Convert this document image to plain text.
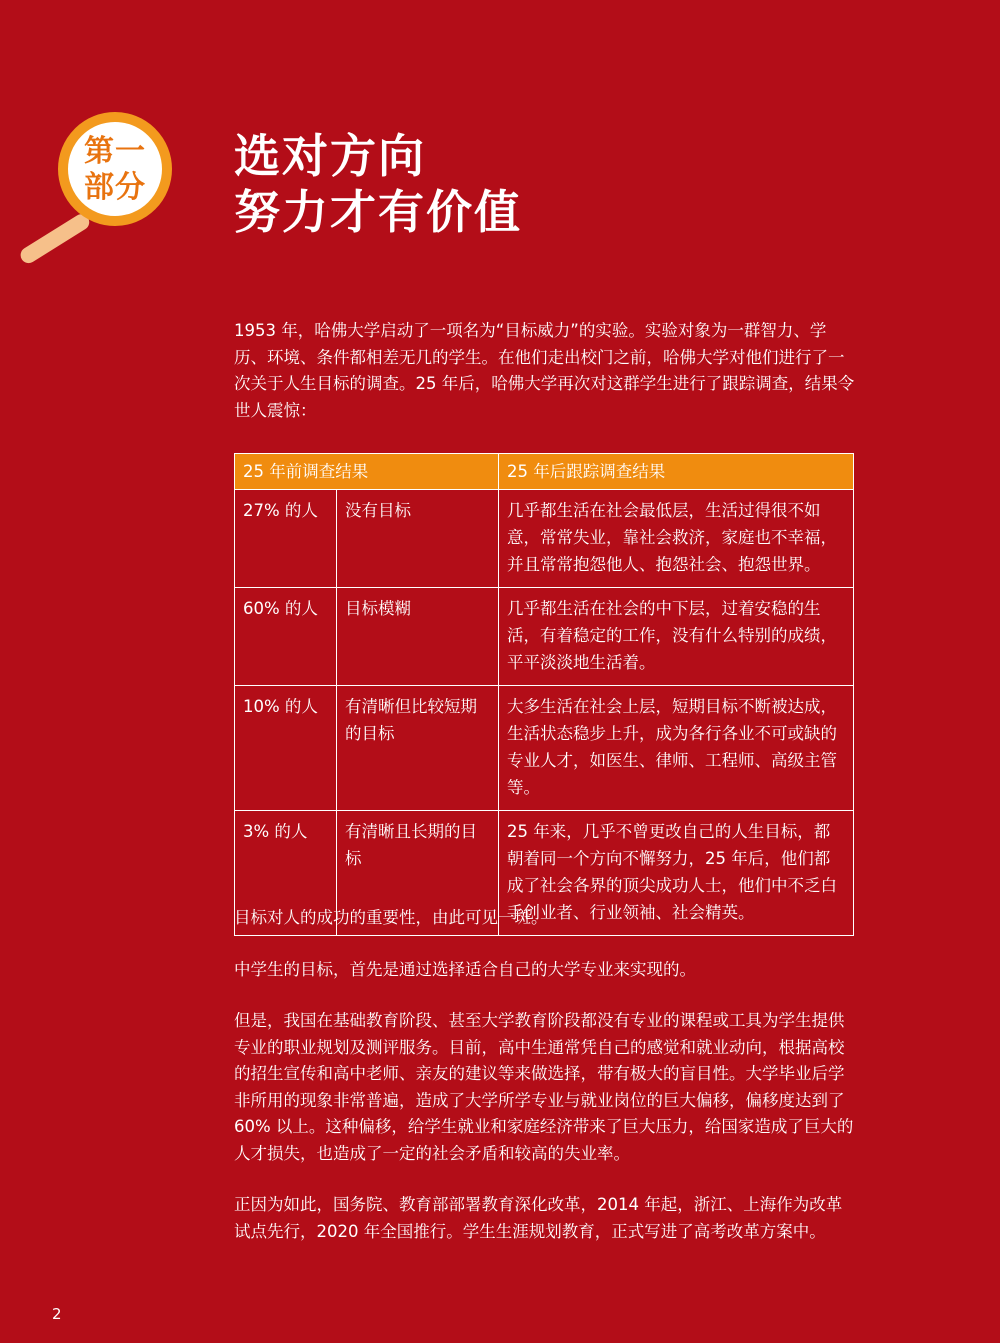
第一
部分
选对方向
努力才有价值

1953 年，哈佛大学启动了一项名为“目标威力”的实验。实验对象为一群智力、学历、环境、条件都相差无几的学生。在他们走出校门之前，哈佛大学对他们进行了一次关于人生目标的调查。25 年后，哈佛大学再次对这群学生进行了跟踪调查，结果令世人震惊：

25 年前调查结果		25 年后跟踪调查结果
27% 的人	没有目标	几乎都生活在社会最低层，生活过得很不如意，常常失业，靠社会救济，家庭也不幸福，并且常常抱怨他人、抱怨社会、抱怨世界。
60% 的人	目标模糊	几乎都生活在社会的中下层，过着安稳的生活，有着稳定的工作，没有什么特别的成绩，平平淡淡地生活着。
10% 的人	有清晰但比较短期的目标	大多生活在社会上层，短期目标不断被达成，生活状态稳步上升，成为各行各业不可或缺的专业人才，如医生、律师、工程师、高级主管等。
3% 的人	有清晰且长期的目标	25 年来，几乎不曾更改自己的人生目标，都朝着同一个方向不懈努力，25 年后，他们都成了社会各界的顶尖成功人士，他们中不乏白手创业者、行业领袖、社会精英。

目标对人的成功的重要性，由此可见一斑。

中学生的目标，首先是通过选择适合自己的大学专业来实现的。

但是，我国在基础教育阶段、甚至大学教育阶段都没有专业的课程或工具为学生提供专业的职业规划及测评服务。目前，高中生通常凭自己的感觉和就业动向，根据高校的招生宣传和高中老师、亲友的建议等来做选择，带有极大的盲目性。大学毕业后学非所用的现象非常普遍，造成了大学所学专业与就业岗位的巨大偏移，偏移度达到了 60% 以上。这种偏移，给学生就业和家庭经济带来了巨大压力，给国家造成了巨大的人才损失，也造成了一定的社会矛盾和较高的失业率。

正因为如此，国务院、教育部部署教育深化改革，2014 年起，浙江、上海作为改革试点先行，2020 年全国推行。学生生涯规划教育，正式写进了高考改革方案中。

2
